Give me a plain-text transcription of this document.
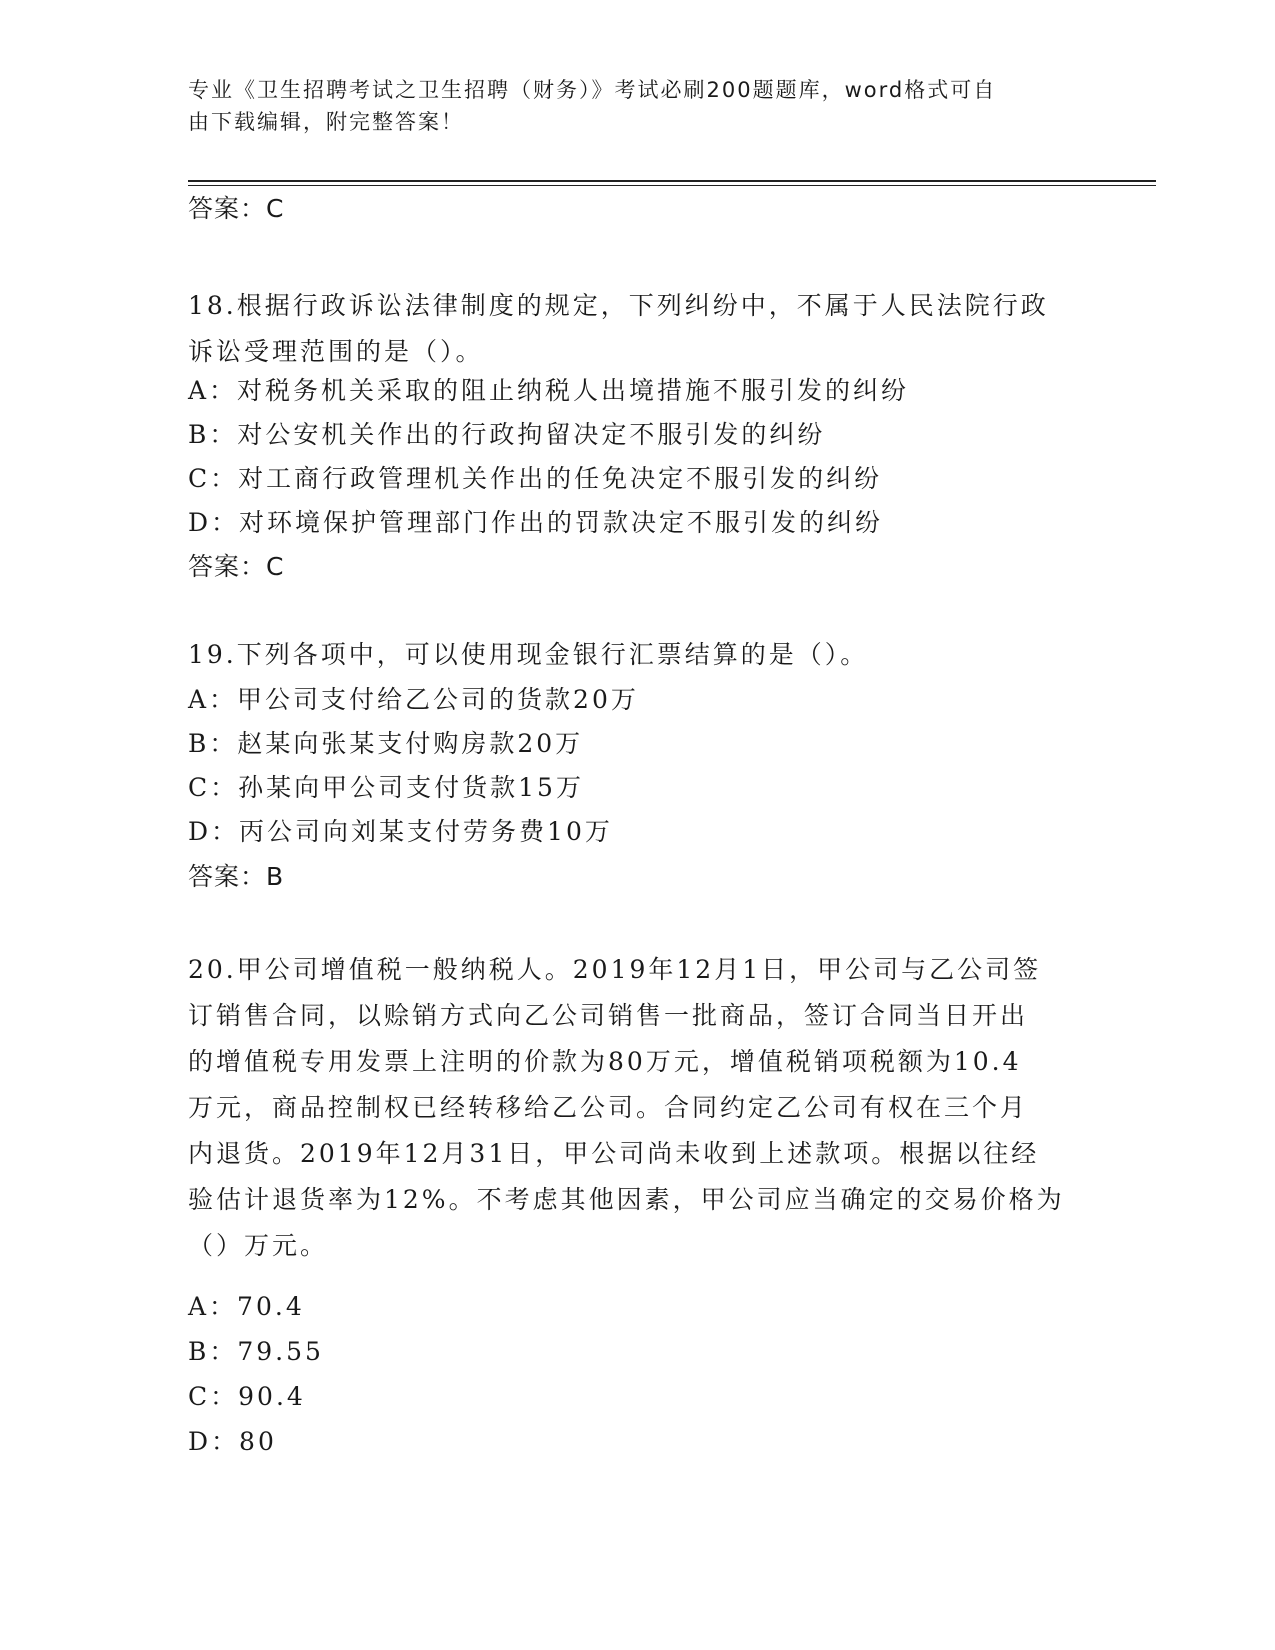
专业《卫生招聘考试之卫生招聘（财务）》考试必刷200题题库，word格式可自
由下载编辑，附完整答案！
答案：C
18.根据行政诉讼法律制度的规定，下列纠纷中，不属于人民法院行政
诉讼受理范围的是（）。
A：对税务机关采取的阻止纳税人出境措施不服引发的纠纷
B：对公安机关作出的行政拘留决定不服引发的纠纷
C：对工商行政管理机关作出的任免决定不服引发的纠纷
D：对环境保护管理部门作出的罚款决定不服引发的纠纷
答案：C
19.下列各项中，可以使用现金银行汇票结算的是（）。
A：甲公司支付给乙公司的货款20万
B：赵某向张某支付购房款20万
C：孙某向甲公司支付货款15万
D：丙公司向刘某支付劳务费10万
答案：B
20.甲公司增值税一般纳税人。2019年12月1日，甲公司与乙公司签
订销售合同，以赊销方式向乙公司销售一批商品，签订合同当日开出
的增值税专用发票上注明的价款为80万元，增值税销项税额为10.4
万元，商品控制权已经转移给乙公司。合同约定乙公司有权在三个月
内退货。2019年12月31日，甲公司尚未收到上述款项。根据以往经
验估计退货率为12%。不考虑其他因素，甲公司应当确定的交易价格为
（）万元。
A：70.4
B：79.55
C：90.4
D：80
